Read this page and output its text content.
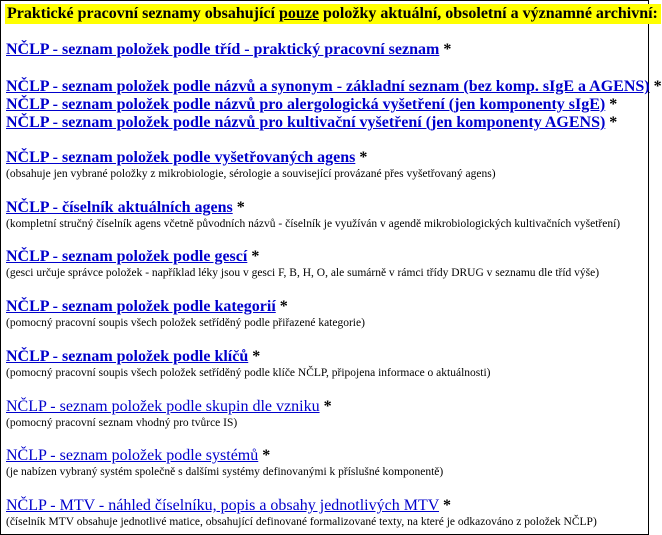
Praktické pracovní seznamy obsahující pouze položky aktuální, obsoletní a významné archivní:
NČLP - seznam položek podle tříd - praktický pracovní seznam *
NČLP - seznam položek podle názvů a synonym - základní seznam (bez komp. sIgE a AGENS) *
NČLP - seznam položek podle názvů pro alergologická vyšetření (jen komponenty sIgE) *
NČLP - seznam položek podle názvů pro kultivační vyšetření (jen komponenty AGENS) *
NČLP - seznam položek podle vyšetřovaných agens *
(obsahuje jen vybrané položky z mikrobiologie, sérologie a související provázané přes vyšetřovaný agens)
NČLP - číselník aktuálních agens *
(kompletní stručný číselník agens včetně původních názvů - číselník je využíván v agendě mikrobiologických kultivačních vyšetření)
NČLP - seznam položek podle gescí *
(gesci určuje správce položek - například léky jsou v gesci F, B, H, O, ale sumárně v rámci třídy DRUG v seznamu dle tříd výše)
NČLP - seznam položek podle kategorií *
(pomocný pracovní soupis všech položek setříděný podle přiřazené kategorie)
NČLP - seznam položek podle klíčů *
(pomocný pracovní soupis všech položek setříděný podle klíče NČLP, připojena informace o aktuálnosti)
NČLP - seznam položek podle skupin dle vzniku *
(pomocný pracovní seznam vhodný pro tvůrce IS)
NČLP - seznam položek podle systémů *
(je nabízen vybraný systém společně s dalšími systémy definovanými k příslušné komponentě)
NČLP - MTV - náhled číselníku, popis a obsahy jednotlivých MTV *
(číselník MTV obsahuje jednotlivé matice, obsahující definované formalizované texty, na které je odkazováno z položek NČLP)
